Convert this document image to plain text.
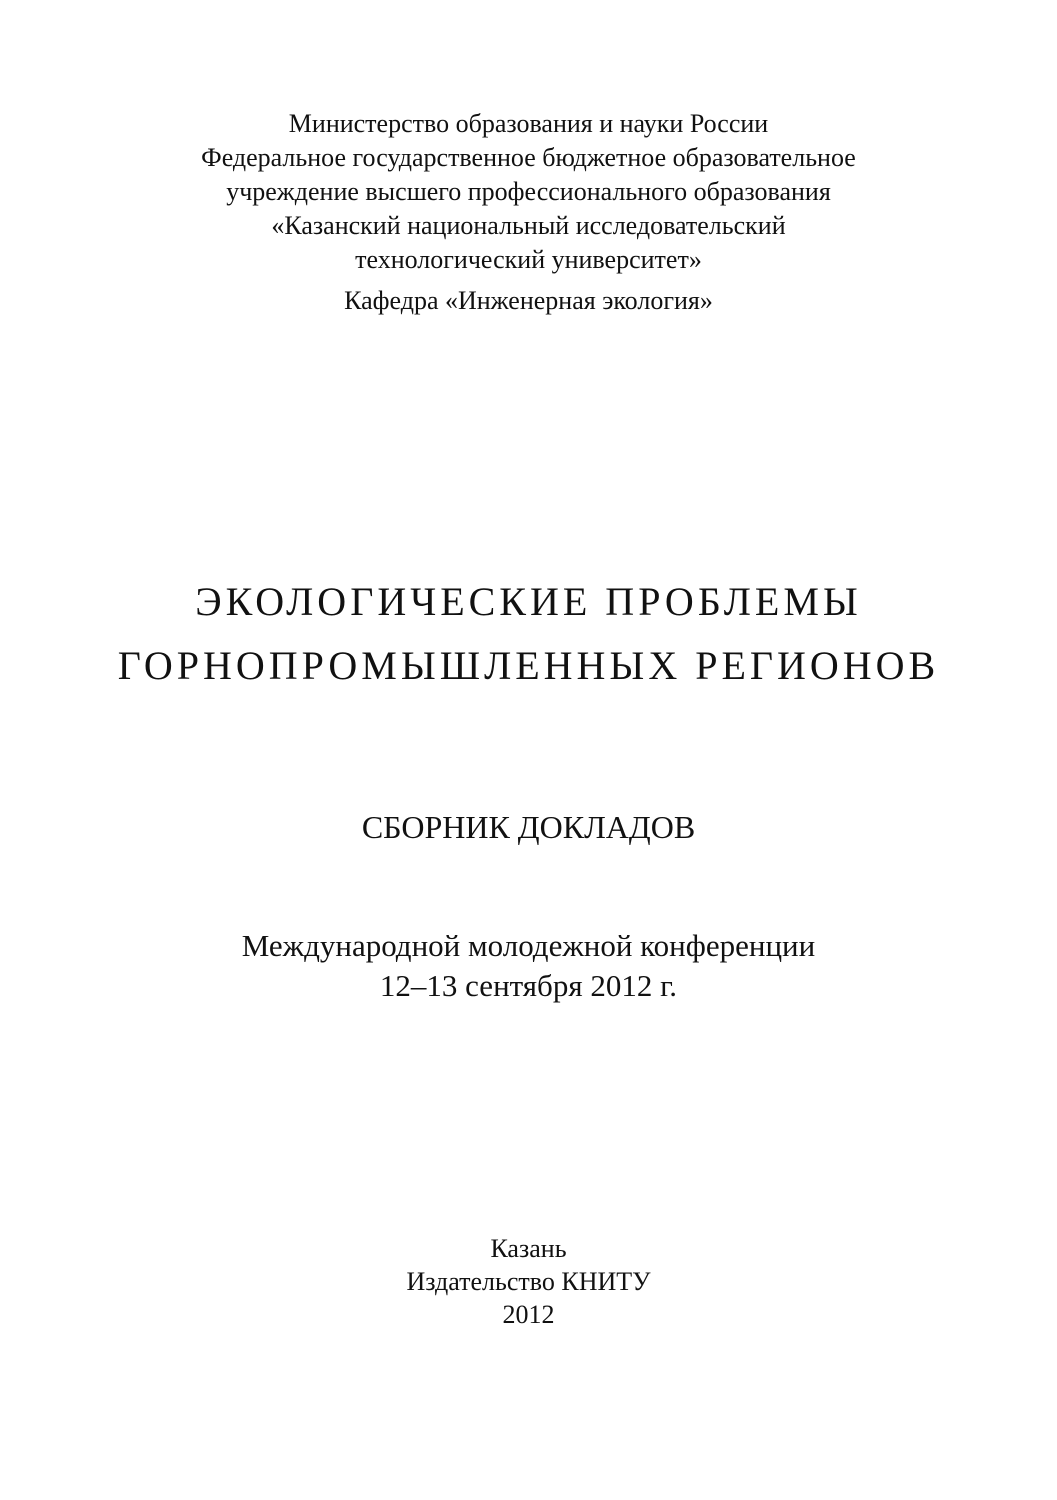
Министерство образования и науки России
Федеральное государственное бюджетное образовательное
учреждение высшего профессионального образования
«Казанский национальный исследовательский
технологический университет»
Кафедра «Инженерная экология»
ЭКОЛОГИЧЕСКИЕ ПРОБЛЕМЫ
ГОРНОПРОМЫШЛЕННЫХ РЕГИОНОВ
СБОРНИК ДОКЛАДОВ
Международной молодежной конференции
12–13 сентября 2012 г.
Казань
Издательство КНИТУ
2012
